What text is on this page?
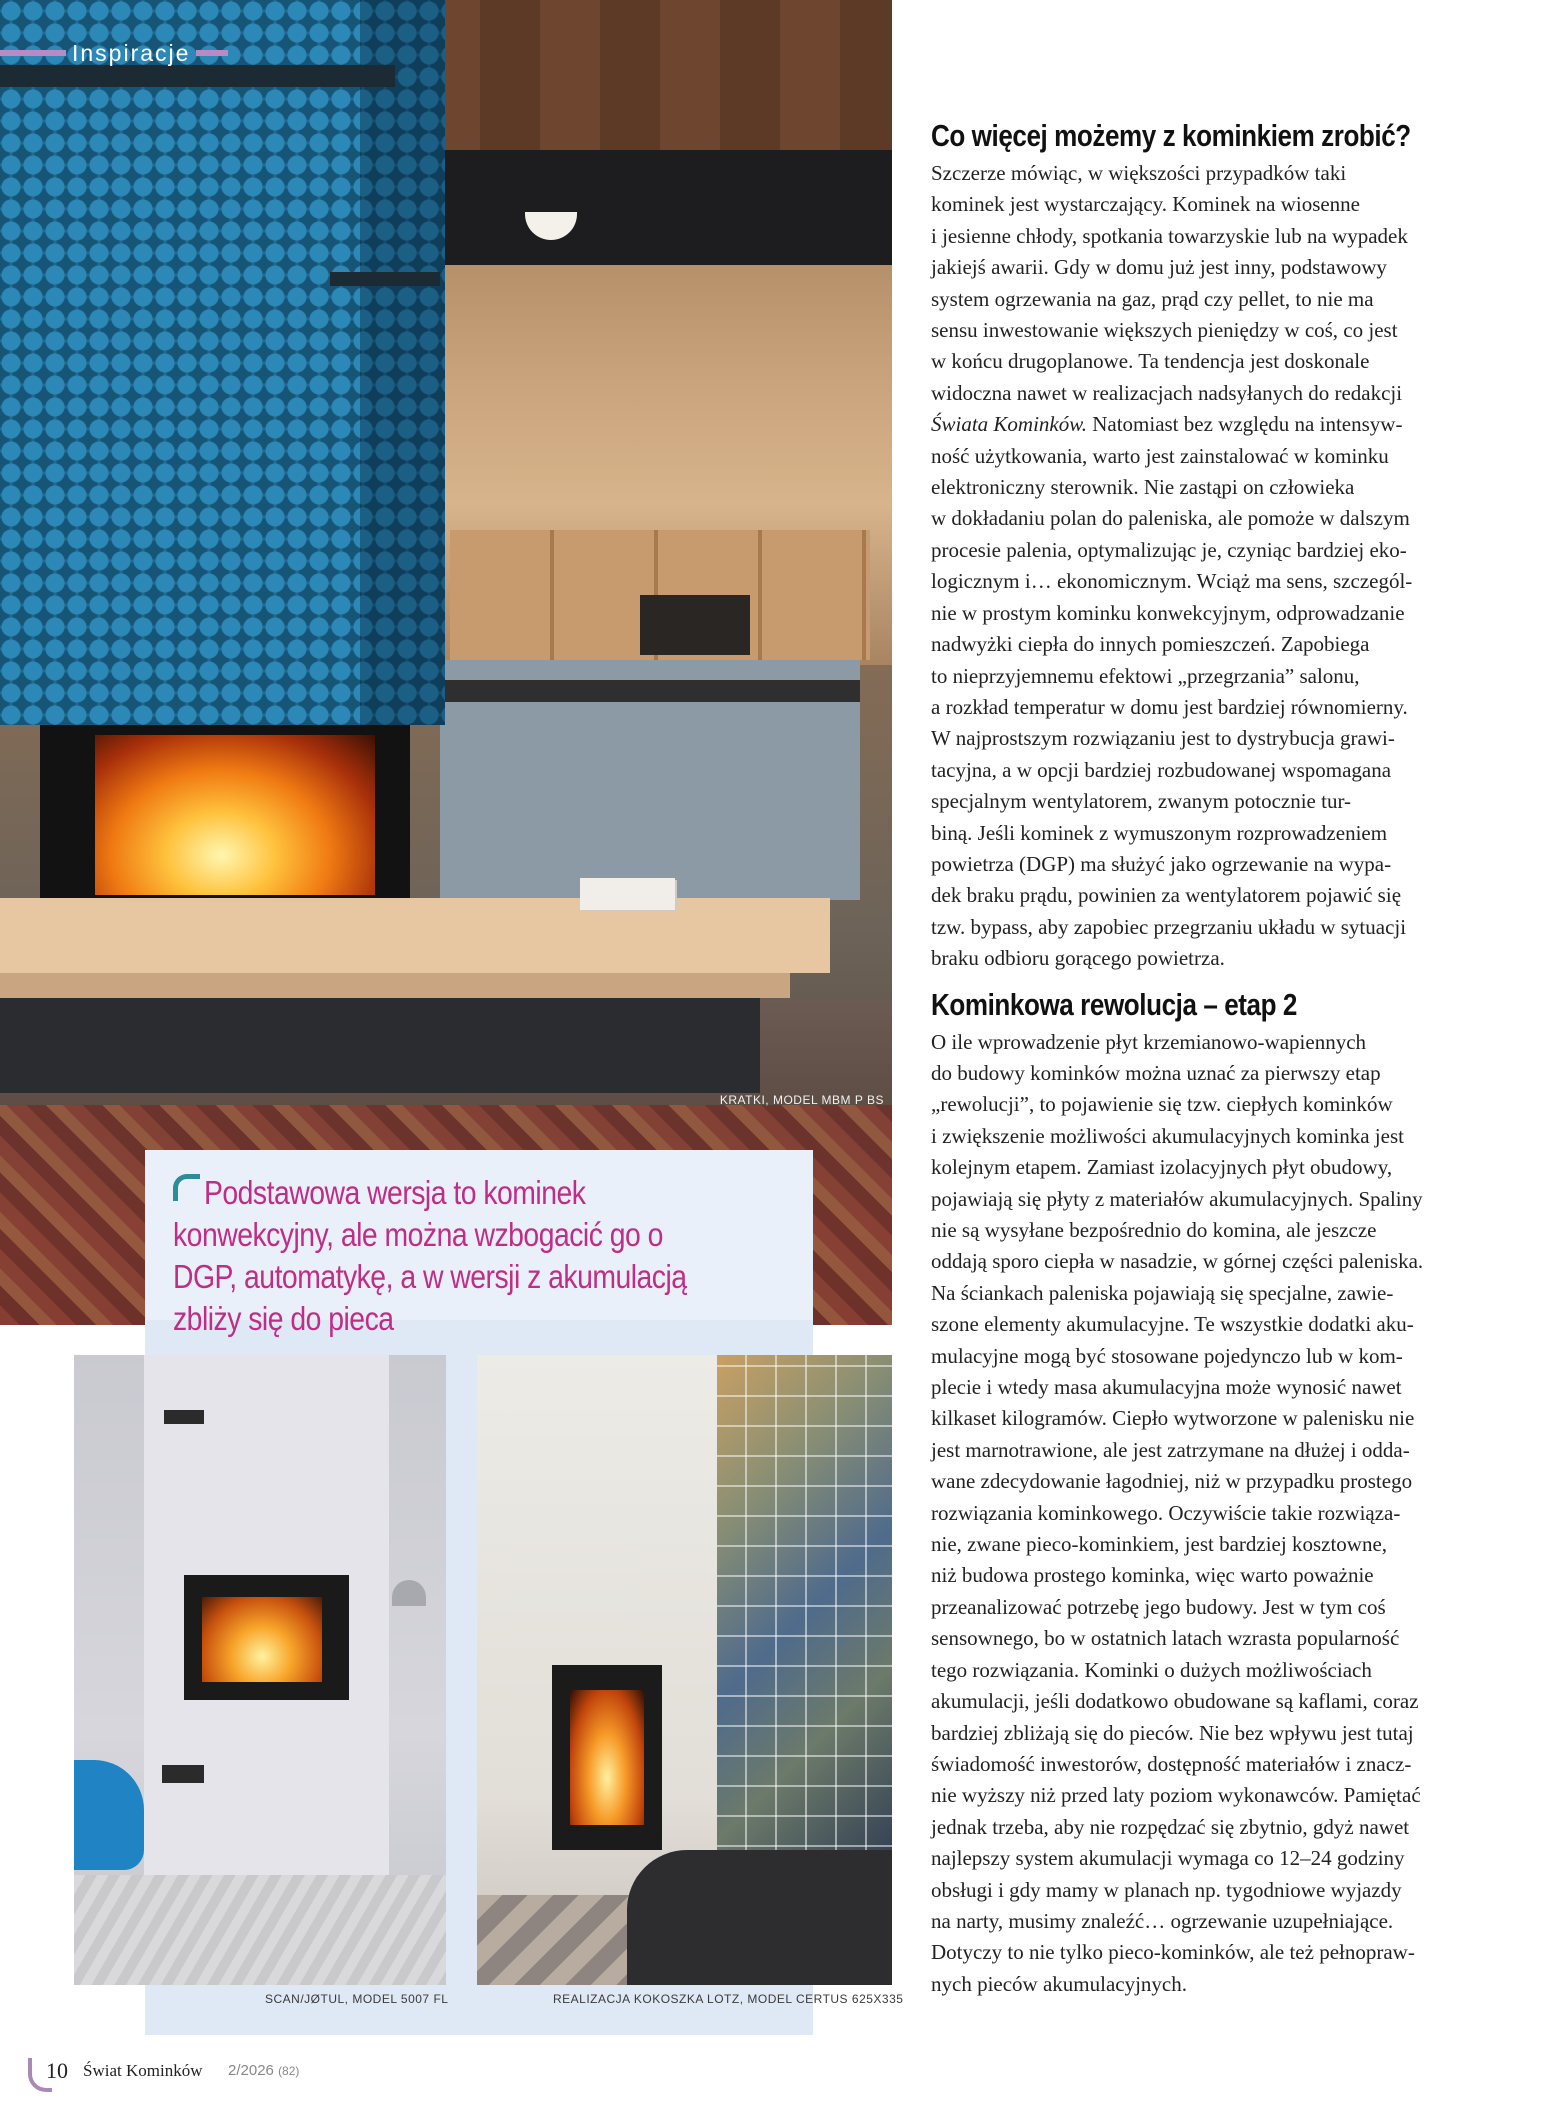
KRATKI, MODEL MBM P BS
Inspiracje
Podstawowa wersja to kominek konwekcyjny, ale można wzbogacić go o DGP, automatykę, a w wersji z akumulacją zbliży się do pieca
SCAN/JØTUL, MODEL 5007 FL	REALIZACJA KOKOSZKA LOTZ, MODEL CERTUS 625X335
Co więcej możemy z kominkiem zrobić?

Szczerze mówiąc, w większości przypadków taki
kominek jest wystarczający. Kominek na wiosenne
i jesienne chłody, spotkania towarzyskie lub na wypadek
jakiejś awarii. Gdy w domu już jest inny, podstawowy
system ogrzewania na gaz, prąd czy pellet, to nie ma
sensu inwestowanie większych pieniędzy w coś, co jest
w końcu drugoplanowe. Ta tendencja jest doskonale
widoczna nawet w realizacjach nadsyłanych do redakcji
Świata Kominków. Natomiast bez względu na intensyw-
ność użytkowania, warto jest zainstalować w kominku
elektroniczny sterownik. Nie zastąpi on człowieka
w dokładaniu polan do paleniska, ale pomoże w dalszym
procesie palenia, optymalizując je, czyniąc bardziej eko-
logicznym i… ekonomicznym. Wciąż ma sens, szczegól‑
nie w prostym kominku konwekcyjnym, odprowadzanie
nadwyżki ciepła do innych pomieszczeń. Zapobiega
to nieprzyjemnemu efektowi „przegrzania” salonu,
a rozkład temperatur w domu jest bardziej równomierny.
W najprostszym rozwiązaniu jest to dystrybucja grawi-
tacyjna, a w opcji bardziej rozbudowanej wspomagana
specjalnym wentylatorem, zwanym potocznie tur-
biną. Jeśli kominek z wymuszonym rozprowadzeniem
powietrza (DGP) ma służyć jako ogrzewanie na wypa-
dek braku prądu, powinien za wentylatorem pojawić się
tzw. bypass, aby zapobiec przegrzaniu układu w sytuacji
braku odbioru gorącego powietrza.

Kominkowa rewolucja – etap 2

O ile wprowadzenie płyt krzemianowo-wapiennych
do budowy kominków można uznać za pierwszy etap
„rewolucji”, to pojawienie się tzw. ciepłych kominków
i zwiększenie możliwości akumulacyjnych kominka jest
kolejnym etapem. Zamiast izolacyjnych płyt obudowy,
pojawiają się płyty z materiałów akumulacyjnych. Spaliny
nie są wysyłane bezpośrednio do komina, ale jeszcze
oddają sporo ciepła w nasadzie, w górnej części paleniska.
Na ściankach paleniska pojawiają się specjalne, zawie-
szone elementy akumulacyjne. Te wszystkie dodatki aku-
mulacyjne mogą być stosowane pojedynczo lub w kom-
plecie i wtedy masa akumulacyjna może wynosić nawet
kilkaset kilogramów. Ciepło wytworzone w palenisku nie
jest marnotrawione, ale jest zatrzymane na dłużej i odda-
wane zdecydowanie łagodniej, niż w przypadku prostego
rozwiązania kominkowego. Oczywiście takie rozwiąza-
nie, zwane pieco-kominkiem, jest bardziej kosztowne,
niż budowa prostego kominka, więc warto poważnie
przeanalizować potrzebę jego budowy. Jest w tym coś
sensownego, bo w ostatnich latach wzrasta popularność
tego rozwiązania. Kominki o dużych możliwościach
akumulacji, jeśli dodatkowo obudowane są kaflami, coraz
bardziej zbliżają się do pieców. Nie bez wpływu jest tutaj
świadomość inwestorów, dostępność materiałów i znacz-
nie wyższy niż przed laty poziom wykonawców. Pamiętać
jednak trzeba, aby nie rozpędzać się zbytnio, gdyż nawet
najlepszy system akumulacji wymaga co 12–24 godziny
obsługi i gdy mamy w planach np. tygodniowe wyjazdy
na narty, musimy znaleźć… ogrzewanie uzupełniające.
Dotyczy to nie tylko pieco-kominków, ale też pełnopraw-
nych pieców akumulacyjnych.

10 Świat Kominków 2/2026 (82)
